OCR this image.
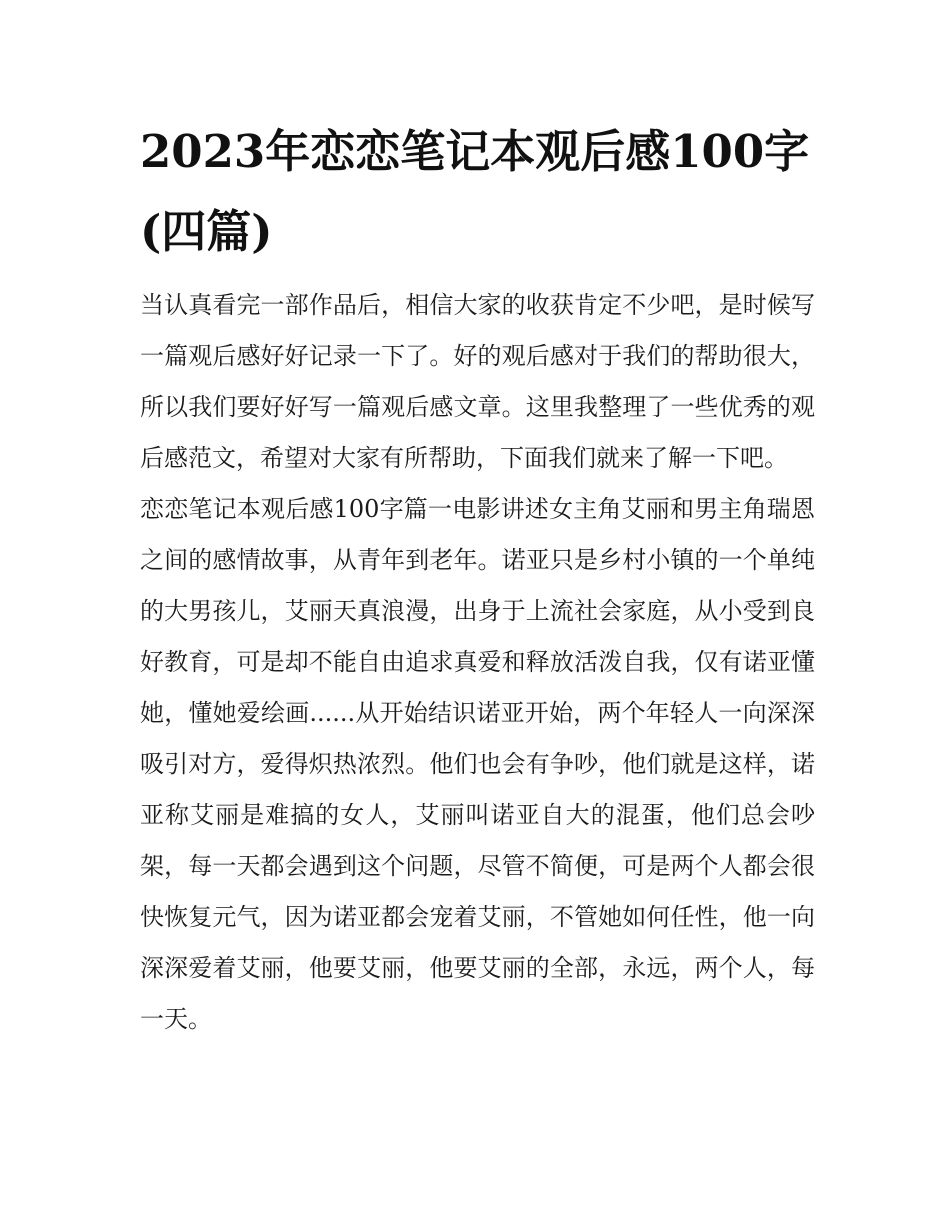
2023年恋恋笔记本观后感100字(四篇)

当认真看完一部作品后，相信大家的收获肯定不少吧，是时候写一篇观后感好好记录一下了。好的观后感对于我们的帮助很大，所以我们要好好写一篇观后感文章。这里我整理了一些优秀的观后感范文，希望对大家有所帮助，下面我们就来了解一下吧。

恋恋笔记本观后感100字篇一电影讲述女主角艾丽和男主角瑞恩之间的感情故事，从青年到老年。诺亚只是乡村小镇的一个单纯的大男孩儿，艾丽天真浪漫，出身于上流社会家庭，从小受到良好教育，可是却不能自由追求真爱和释放活泼自我，仅有诺亚懂她，懂她爱绘画......从开始结识诺亚开始，两个年轻人一向深深吸引对方，爱得炽热浓烈。他们也会有争吵，他们就是这样，诺亚称艾丽是难搞的女人，艾丽叫诺亚自大的混蛋，他们总会吵架，每一天都会遇到这个问题，尽管不简便，可是两个人都会很快恢复元气，因为诺亚都会宠着艾丽，不管她如何任性，他一向深深爱着艾丽，他要艾丽，他要艾丽的全部，永远，两个人，每一天。
